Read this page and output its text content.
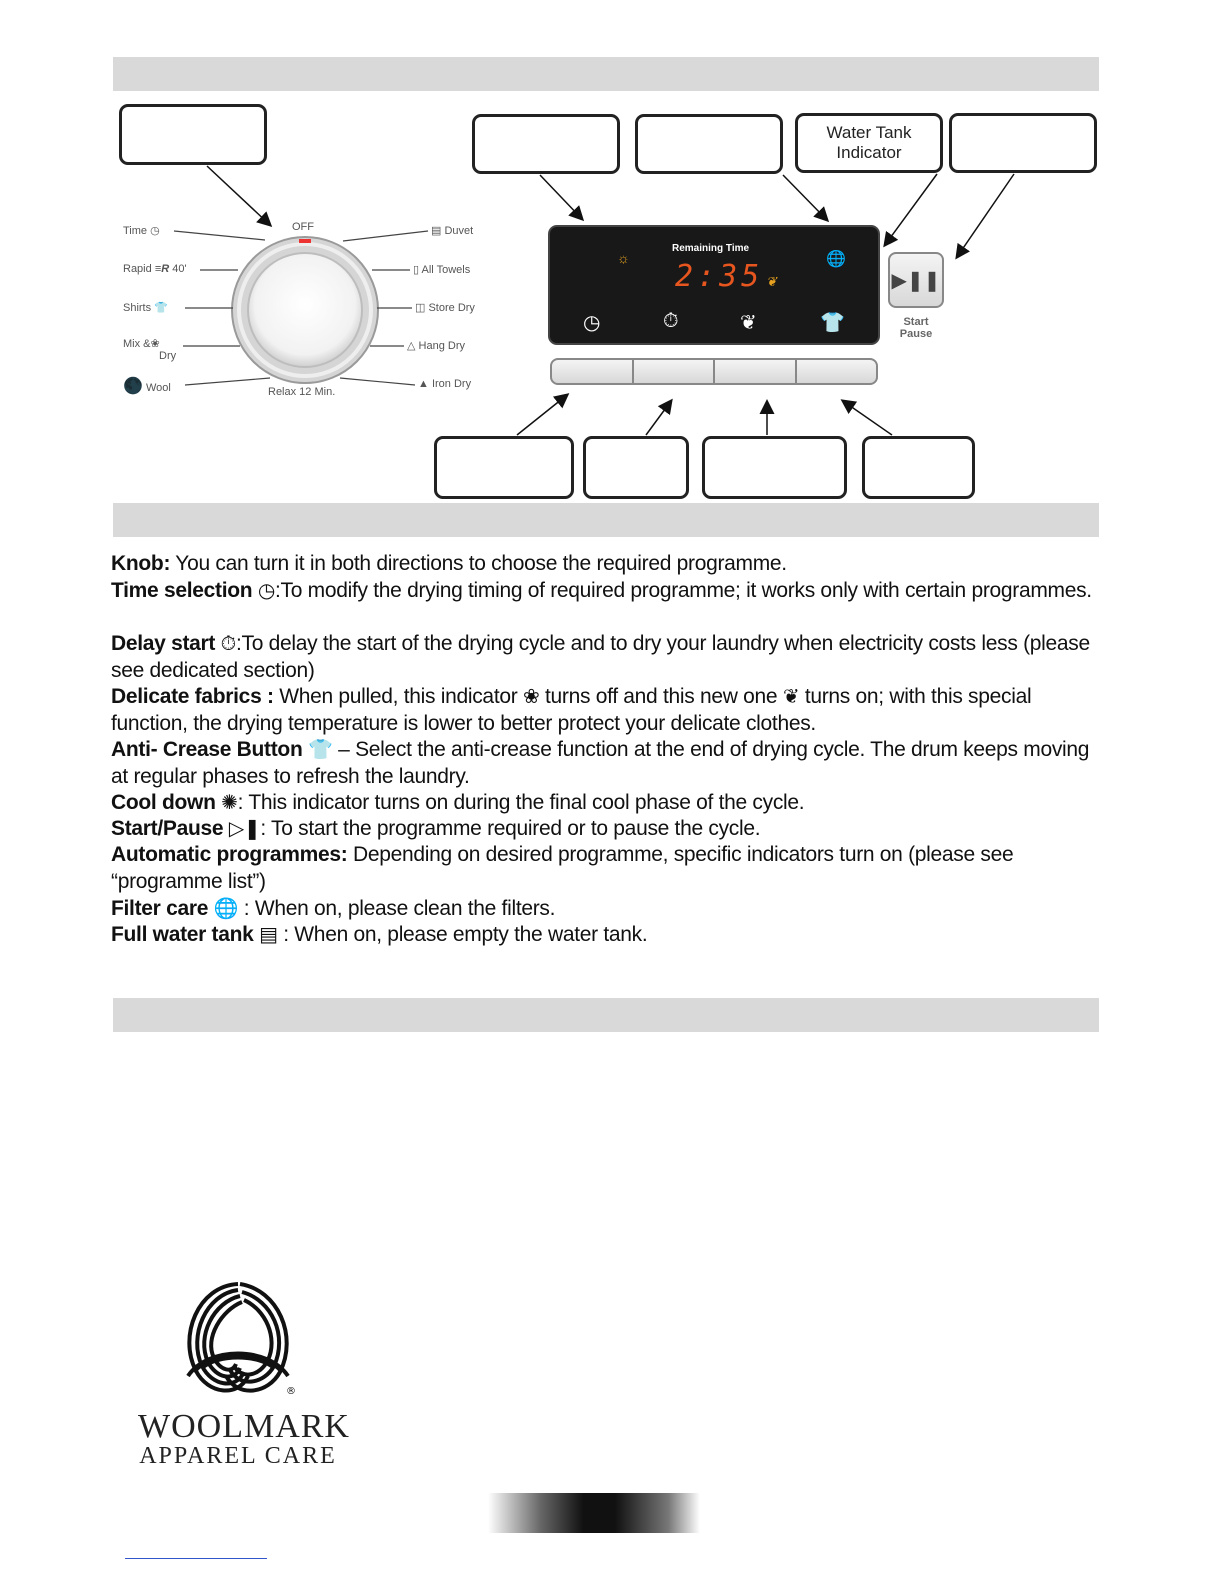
Water Tank
Indicator
OFF
Relax 12 Min.
Time ◷
Rapid ≡R 40'
Shirts 👕
Mix &❀
Dry
🌑 Wool
▤ Duvet
▯ All Towels
◫ Store Dry
△ Hang Dry
▲ Iron Dry
Remaining Time
2:35
☼	🌐
❦
◷	⏱	❦	👕
▶❚❚
Start
Pause
Knob: You can turn it in both directions to choose the required programme.
Time selection ◷:To modify the drying timing of required programme; it works only with certain programmes.
Delay start ⏱:To delay the start of the drying cycle and to dry your laundry when electricity costs less (please see dedicated section)
Delicate fabrics : When pulled, this indicator ❀ turns off and this new one ❦ turns on; with this special function, the drying temperature is lower to better protect your delicate clothes.
Anti- Crease Button 👕 – Select the anti-crease function at the end of drying cycle. The drum keeps moving at regular phases to refresh the laundry.
Cool down ✺: This indicator turns on during the final cool phase of the cycle.
Start/Pause ▷❚: To start the programme required or to pause the cycle.
Automatic programmes: Depending on desired programme, specific indicators turn on (please see “programme list”)
Filter care 🌐 : When on, please clean the filters.
Full water tank ▤ : When on, please empty the water tank.
®
WOOLMARK
APPAREL CARE
